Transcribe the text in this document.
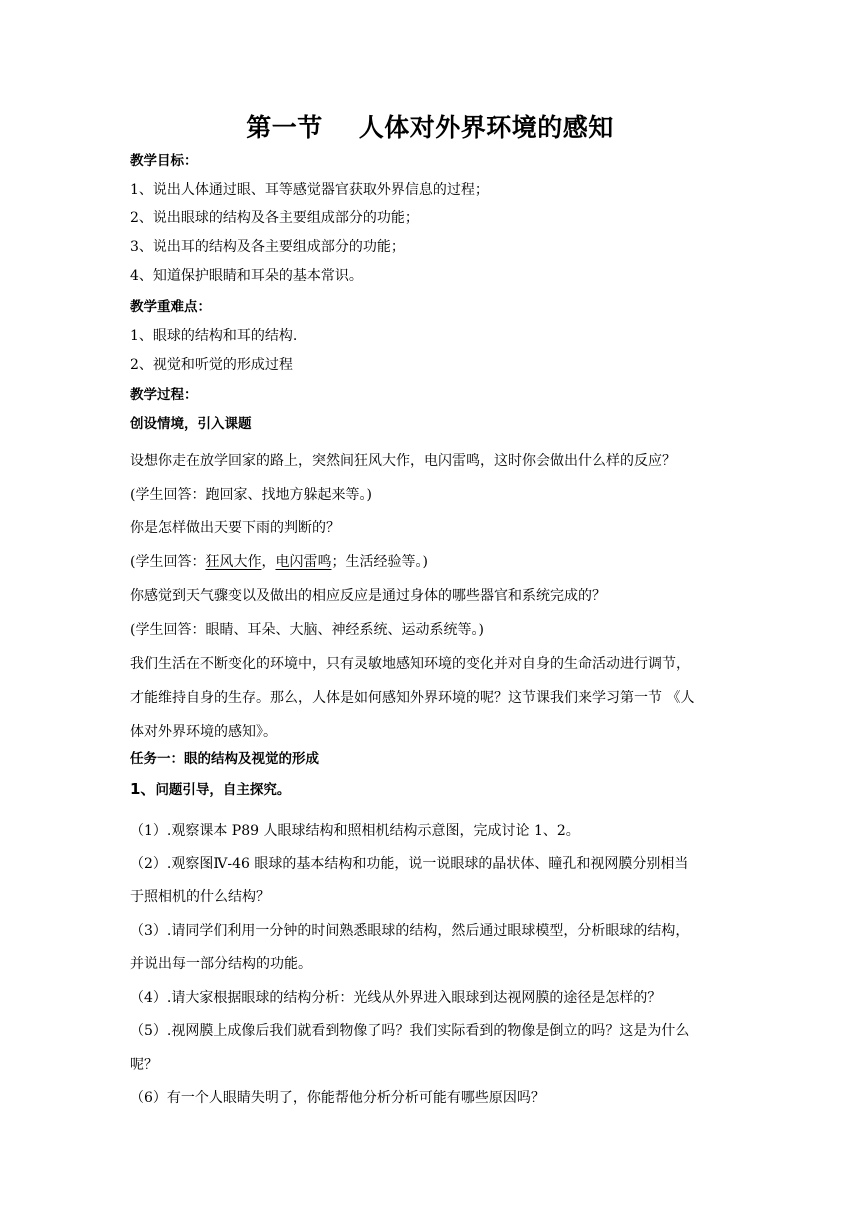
第一节 人体对外界环境的感知
教学目标：
1、说出人体通过眼、耳等感觉器官获取外界信息的过程；
2、说出眼球的结构及各主要组成部分的功能；
3、说出耳的结构及各主要组成部分的功能；
4、知道保护眼睛和耳朵的基本常识。
教学重难点：
1、眼球的结构和耳的结构.
2、视觉和听觉的形成过程
教学过程：
创设情境，引入课题
设想你走在放学回家的路上，突然间狂风大作，电闪雷鸣，这时你会做出什么样的反应？
(学生回答：跑回家、找地方躲起来等。)
你是怎样做出天要下雨的判断的？
(学生回答：狂风大作，电闪雷鸣；生活经验等。)
你感觉到天气骤变以及做出的相应反应是通过身体的哪些器官和系统完成的？
(学生回答：眼睛、耳朵、大脑、神经系统、运动系统等。)
我们生活在不断变化的环境中，只有灵敏地感知环境的变化并对自身的生命活动进行调节，
才能维持自身的生存。那么，人体是如何感知外界环境的呢？这节课我们来学习第一节 《人
体对外界环境的感知》。
任务一：眼的结构及视觉的形成
1、问题引导，自主探究。
（1）.观察课本 P89 人眼球结构和照相机结构示意图，完成讨论 1、2。
（2）.观察图Ⅳ-46 眼球的基本结构和功能，说一说眼球的晶状体、瞳孔和视网膜分别相当
于照相机的什么结构？
（3）.请同学们利用一分钟的时间熟悉眼球的结构，然后通过眼球模型，分析眼球的结构，
并说出每一部分结构的功能。
（4）.请大家根据眼球的结构分析：光线从外界进入眼球到达视网膜的途径是怎样的？
（5）.视网膜上成像后我们就看到物像了吗？我们实际看到的物像是倒立的吗？这是为什么
呢？
（6）有一个人眼睛失明了，你能帮他分析分析可能有哪些原因吗？
